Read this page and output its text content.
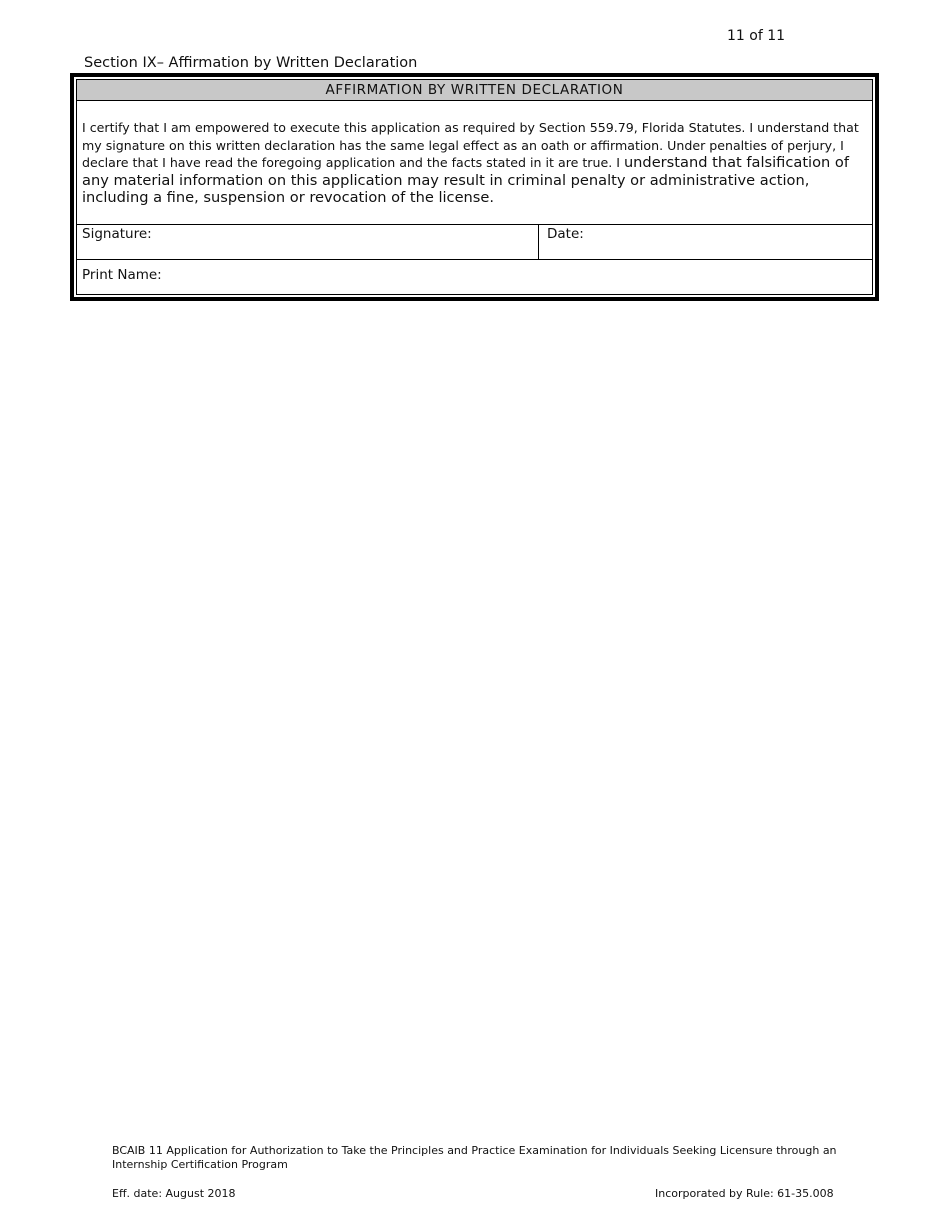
11 of 11
Section IX– Affirmation by Written Declaration
AFFIRMATION BY WRITTEN DECLARATION
I certify that I am empowered to execute this application as required by Section 559.79, Florida Statutes. I understand that my signature on this written declaration has the same legal effect as an oath or affirmation. Under penalties of perjury, I declare that I have read the foregoing application and the facts stated in it are true. I understand that falsification of any material information on this application may result in criminal penalty or administrative action, including a fine, suspension or revocation of the license.
Signature:	Date:
Print Name:
BCAIB 11 Application for Authorization to Take the Principles and Practice Examination for Individuals Seeking Licensure through an Internship Certification Program
Eff. date: August 2018	Incorporated by Rule: 61-35.008
